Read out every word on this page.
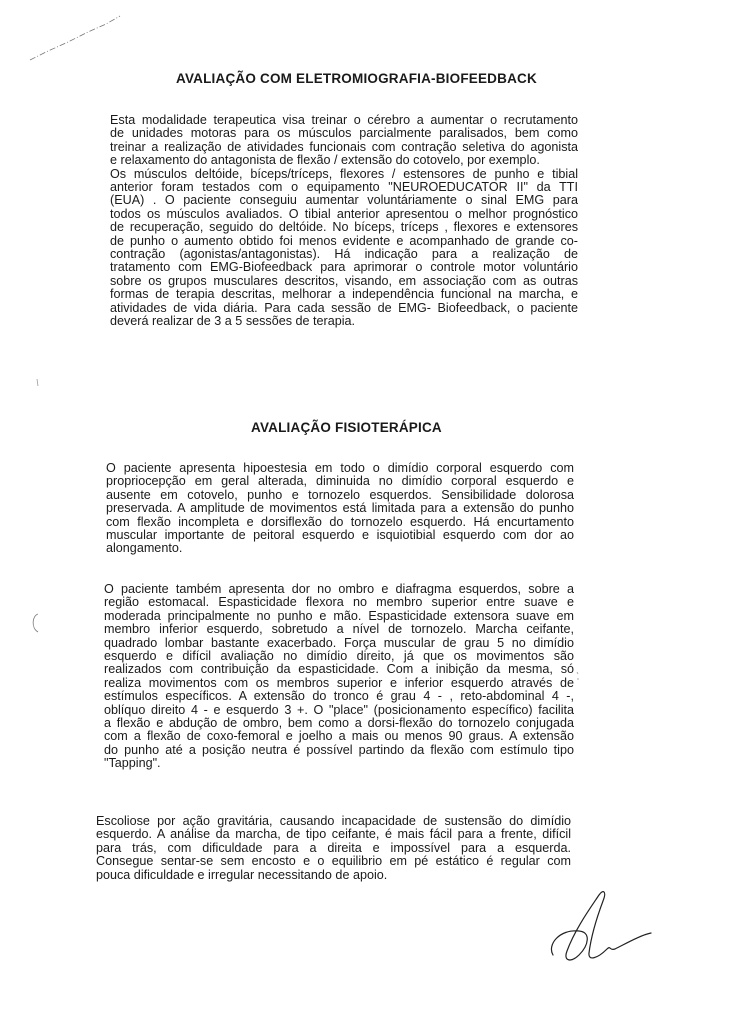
AVALIAÇÃO COM ELETROMIOGRAFIA-BIOFEEDBACK
Esta modalidade terapeutica visa treinar o cérebro a aumentar o recrutamento
de unidades motoras para os músculos parcialmente paralisados, bem como
treinar a realização de atividades funcionais com contração seletiva do agonista
e relaxamento do antagonista de flexão / extensão do cotovelo, por exemplo.
Os músculos deltóide, bíceps/tríceps, flexores / estensores de punho e tibial
anterior foram testados com o equipamento "NEUROEDUCATOR II" da TTI
(EUA) . O paciente conseguiu aumentar voluntáriamente o sinal EMG para
todos os músculos avaliados. O tibial anterior apresentou o melhor prognóstico
de recuperação, seguido do deltóide. No bíceps, tríceps , flexores e extensores
de punho o aumento obtido foi menos evidente e acompanhado de grande co-
contração (agonistas/antagonistas). Há indicação para a realização de
tratamento com EMG-Biofeedback para aprimorar o controle motor voluntário
sobre os grupos musculares descritos, visando, em associação com as outras
formas de terapia descritas, melhorar a independência funcional na marcha, e
atividades de vida diária. Para cada sessão de EMG- Biofeedback, o paciente
deverá realizar de 3 a 5 sessões de terapia.
AVALIAÇÃO FISIOTERÁPICA
O paciente apresenta hipoestesia em todo o dimídio corporal esquerdo com
propriocepção em geral alterada, diminuida no dimídio corporal esquerdo e
ausente em cotovelo, punho e tornozelo esquerdos. Sensibilidade dolorosa
preservada. A amplitude de movimentos está limitada para a extensão do punho
com flexão incompleta e dorsiflexão do tornozelo esquerdo. Há encurtamento
muscular importante de peitoral esquerdo e isquiotibial esquerdo com dor ao
alongamento.
O paciente também apresenta dor no ombro e diafragma esquerdos, sobre a
região estomacal. Espasticidade flexora no membro superior entre suave e
moderada principalmente no punho e mão. Espasticidade extensora suave em
membro inferior esquerdo, sobretudo a nível de tornozelo. Marcha ceifante,
quadrado lombar bastante exacerbado. Força muscular de grau 5 no dimídio
esquerdo e difícil avaliação no dimídio direito, já que os movimentos são
realizados com contribuição da espasticidade. Com a inibição da mesma, só
realiza movimentos com os membros superior e inferior esquerdo através de
estímulos específicos. A extensão do tronco é grau 4 - , reto-abdominal 4 -,
oblíquo direito 4 - e esquerdo 3 +. O "place" (posicionamento específico) facilita
a flexão e abdução de ombro, bem como a dorsi-flexão do tornozelo conjugada
com a flexão de coxo-femoral e joelho a mais ou menos 90 graus. A extensão
do punho até a posição neutra é possível partindo da flexão com estímulo tipo
"Tapping".
Escoliose por ação gravitária, causando incapacidade de sustensão do dimídio
esquerdo. A análise da marcha, de tipo ceifante, é mais fácil para a frente, difícil
para trás, com dificuldade para a direita e impossível para a esquerda.
Consegue sentar-se sem encosto e o equilibrio em pé estático é regular com
pouca dificuldade e irregular necessitando de apoio.
